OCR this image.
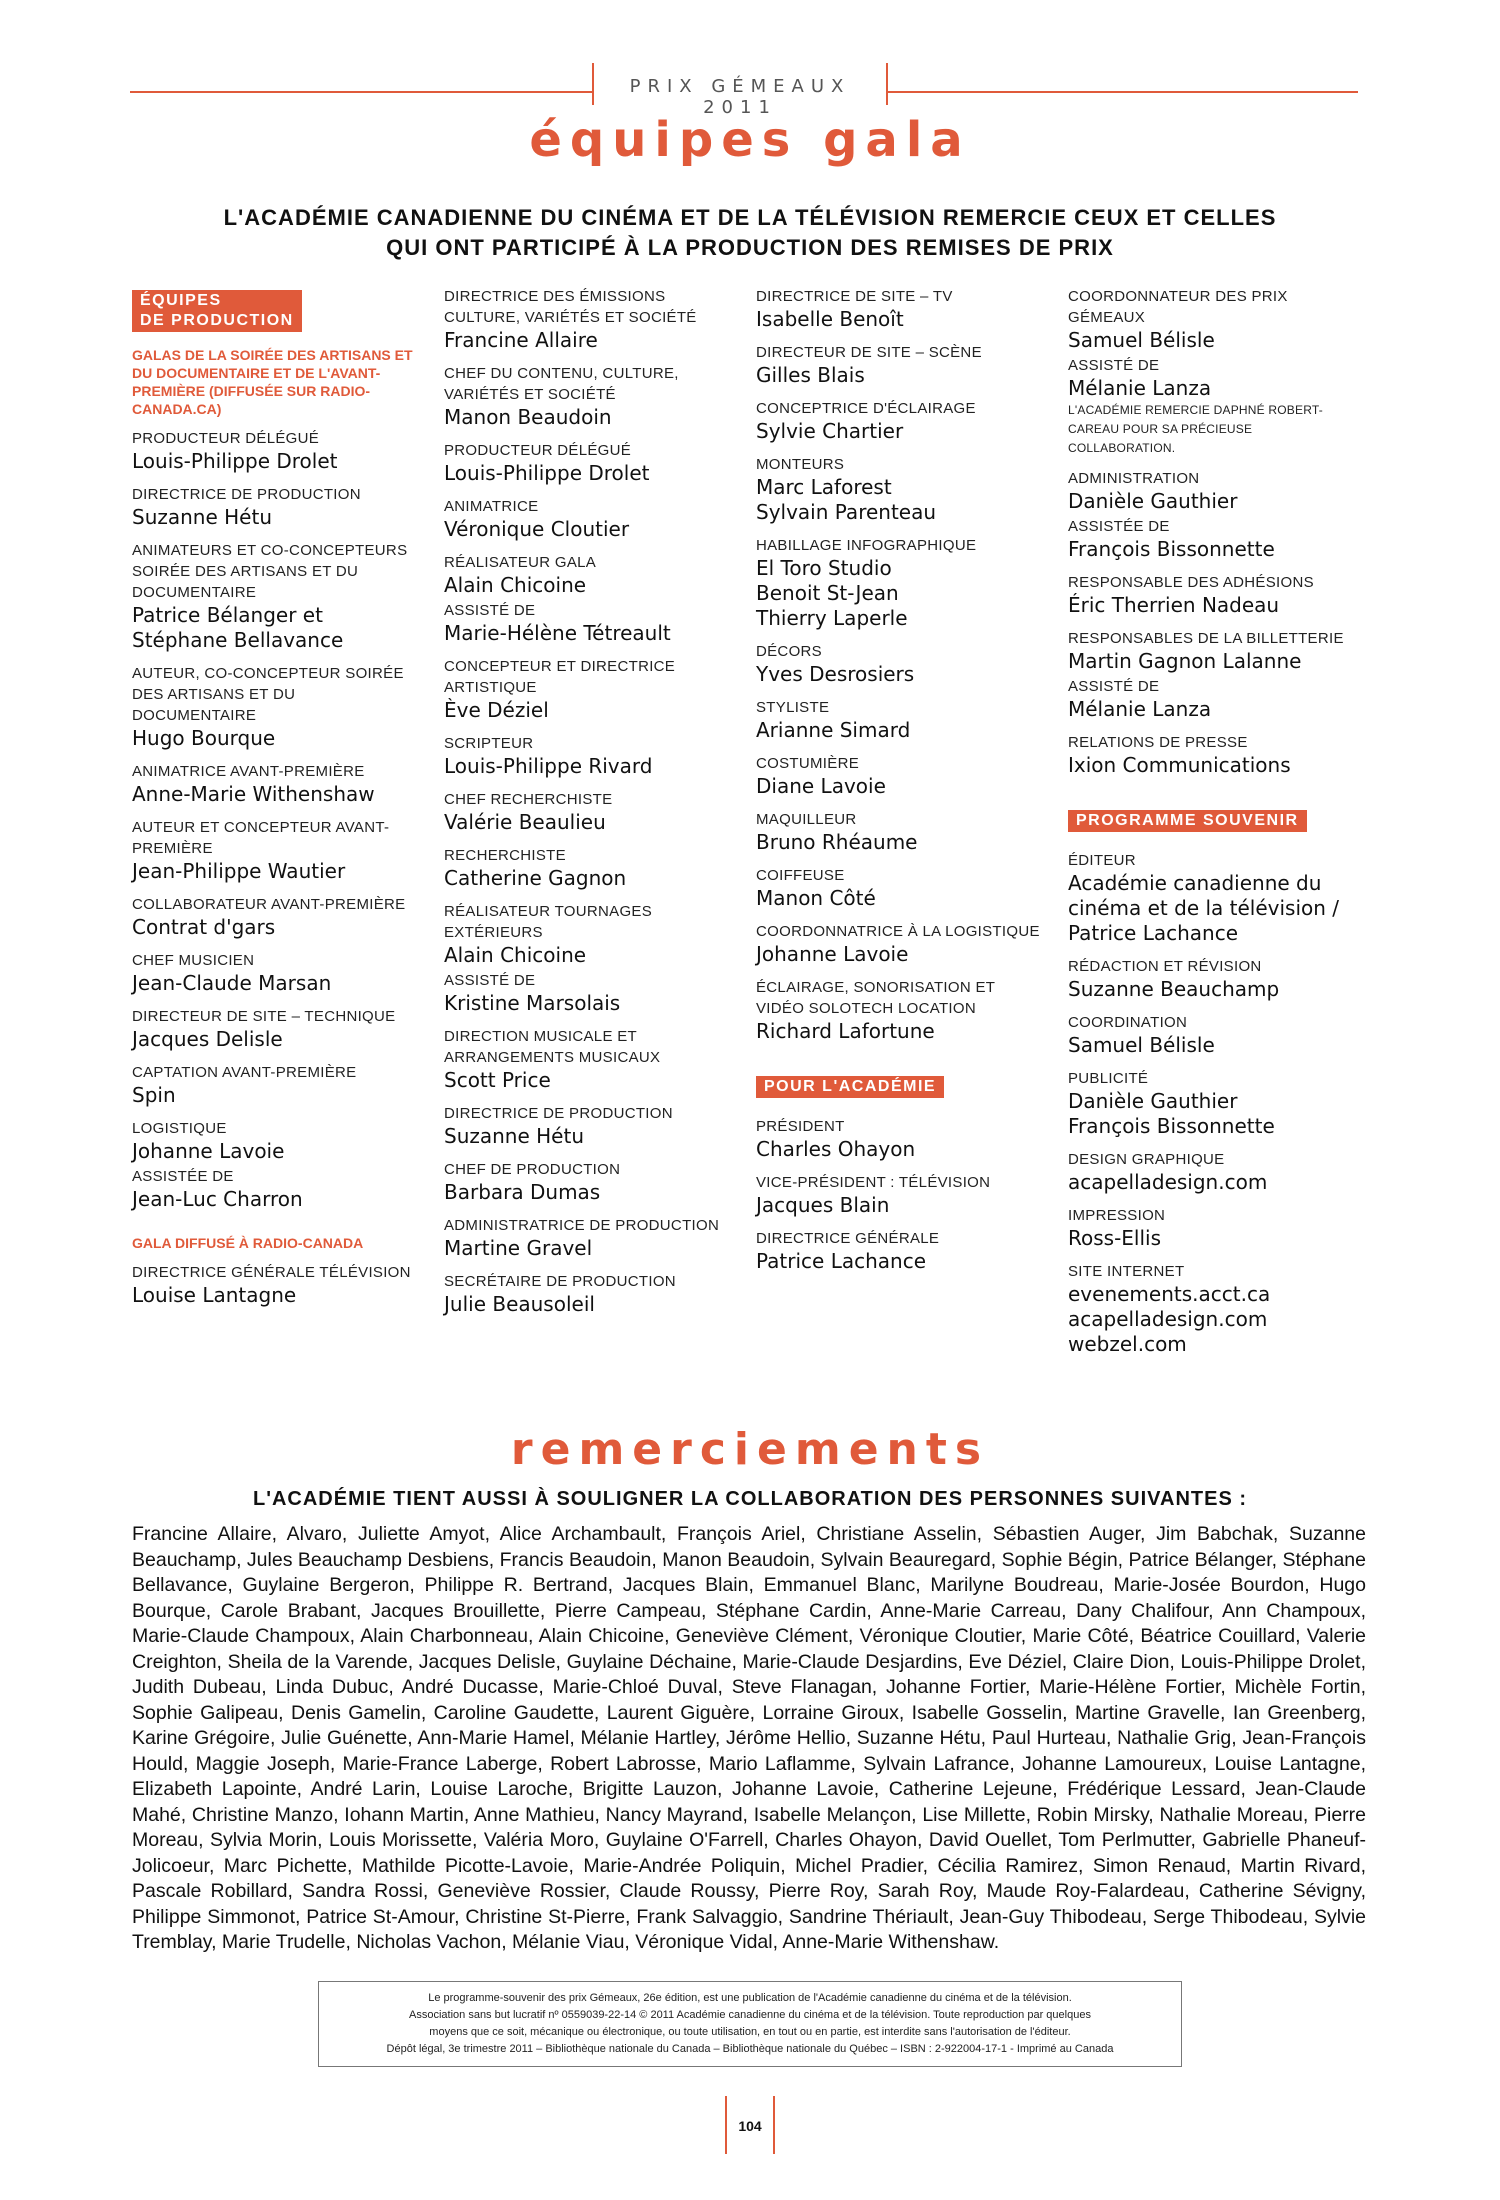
PRIX GÉMEAUX 2011
équipes gala
L'ACADÉMIE CANADIENNE DU CINÉMA ET DE LA TÉLÉVISION REMERCIE CEUX ET CELLES
QUI ONT PARTICIPÉ À LA PRODUCTION DES REMISES DE PRIX
ÉQUIPES
DE PRODUCTION
GALAS DE LA SOIRÉE DES ARTISANS ET DU DOCUMENTAIRE ET DE L'AVANT-PREMIÈRE (DIFFUSÉE SUR RADIO-CANADA.CA)
PRODUCTEUR DÉLÉGUÉ
Louis-Philippe Drolet
DIRECTRICE DE PRODUCTION
Suzanne Hétu
ANIMATEURS ET CO-CONCEPTEURS SOIRÉE DES ARTISANS ET DU DOCUMENTAIRE
Patrice Bélanger et Stéphane Bellavance
AUTEUR, CO-CONCEPTEUR SOIRÉE DES ARTISANS ET DU DOCUMENTAIRE
Hugo Bourque
ANIMATRICE AVANT-PREMIÈRE
Anne-Marie Withenshaw
AUTEUR ET CONCEPTEUR AVANT-PREMIÈRE
Jean-Philippe Wautier
COLLABORATEUR AVANT-PREMIÈRE
Contrat d'gars
CHEF MUSICIEN
Jean-Claude Marsan
DIRECTEUR DE SITE – TECHNIQUE
Jacques Delisle
CAPTATION AVANT-PREMIÈRE
Spin
LOGISTIQUE
Johanne Lavoie
ASSISTÉE DE
Jean-Luc Charron
GALA DIFFUSÉ À RADIO-CANADA
DIRECTRICE GÉNÉRALE TÉLÉVISION
Louise Lantagne
DIRECTRICE DES ÉMISSIONS CULTURE, VARIÉTÉS ET SOCIÉTÉ
Francine Allaire
CHEF DU CONTENU, CULTURE, VARIÉTÉS ET SOCIÉTÉ
Manon Beaudoin
PRODUCTEUR DÉLÉGUÉ
Louis-Philippe Drolet
ANIMATRICE
Véronique Cloutier
RÉALISATEUR GALA
Alain Chicoine
ASSISTÉ DE
Marie-Hélène Tétreault
CONCEPTEUR ET DIRECTRICE ARTISTIQUE
Ève Déziel
SCRIPTEUR
Louis-Philippe Rivard
CHEF RECHERCHISTE
Valérie Beaulieu
RECHERCHISTE
Catherine Gagnon
RÉALISATEUR TOURNAGES EXTÉRIEURS
Alain Chicoine
ASSISTÉ DE
Kristine Marsolais
DIRECTION MUSICALE ET ARRANGEMENTS MUSICAUX
Scott Price
DIRECTRICE DE PRODUCTION
Suzanne Hétu
CHEF DE PRODUCTION
Barbara Dumas
ADMINISTRATRICE DE PRODUCTION
Martine Gravel
SECRÉTAIRE DE PRODUCTION
Julie Beausoleil
DIRECTRICE DE SITE – TV
Isabelle Benoît
DIRECTEUR DE SITE – SCÈNE
Gilles Blais
CONCEPTRICE D'ÉCLAIRAGE
Sylvie Chartier
MONTEURS
Marc Laforest
Sylvain Parenteau
HABILLAGE INFOGRAPHIQUE
El Toro Studio
Benoit St-Jean
Thierry Laperle
DÉCORS
Yves Desrosiers
STYLISTE
Arianne Simard
COSTUMIÈRE
Diane Lavoie
MAQUILLEUR
Bruno Rhéaume
COIFFEUSE
Manon Côté
COORDONNATRICE À LA LOGISTIQUE
Johanne Lavoie
ÉCLAIRAGE, SONORISATION ET VIDÉO SOLOTECH LOCATION
Richard Lafortune
POUR L'ACADÉMIE
PRÉSIDENT
Charles Ohayon
VICE-PRÉSIDENT : TÉLÉVISION
Jacques Blain
DIRECTRICE GÉNÉRALE
Patrice Lachance
COORDONNATEUR DES PRIX GÉMEAUX
Samuel Bélisle
ASSISTÉ DE
Mélanie Lanza
L'ACADÉMIE REMERCIE DAPHNÉ ROBERT-CAREAU POUR SA PRÉCIEUSE COLLABORATION.
ADMINISTRATION
Danièle Gauthier
ASSISTÉE DE
François Bissonnette
RESPONSABLE DES ADHÉSIONS
Éric Therrien Nadeau
RESPONSABLES DE LA BILLETTERIE
Martin Gagnon Lalanne
ASSISTÉ DE
Mélanie Lanza
RELATIONS DE PRESSE
Ixion Communications
PROGRAMME SOUVENIR
ÉDITEUR
Académie canadienne du cinéma et de la télévision / Patrice Lachance
RÉDACTION ET RÉVISION
Suzanne Beauchamp
COORDINATION
Samuel Bélisle
PUBLICITÉ
Danièle Gauthier
François Bissonnette
DESIGN GRAPHIQUE
acapelladesign.com
IMPRESSION
Ross-Ellis
SITE INTERNET
evenements.acct.ca
acapelladesign.com
webzel.com
remerciements
L'ACADÉMIE TIENT AUSSI À SOULIGNER LA COLLABORATION DES PERSONNES SUIVANTES :
Francine Allaire, Alvaro, Juliette Amyot, Alice Archambault, François Ariel, Christiane Asselin, Sébastien Auger, Jim Babchak, Suzanne Beauchamp, Jules Beauchamp Desbiens, Francis Beaudoin, Manon Beaudoin, Sylvain Beauregard, Sophie Bégin, Patrice Bélanger, Stéphane Bellavance, Guylaine Bergeron, Philippe R. Bertrand, Jacques Blain, Emmanuel Blanc, Marilyne Boudreau, Marie-Josée Bourdon, Hugo Bourque, Carole Brabant, Jacques Brouillette, Pierre Campeau, Stéphane Cardin, Anne-Marie Carreau, Dany Chalifour, Ann Champoux, Marie-Claude Champoux, Alain Charbonneau, Alain Chicoine, Geneviève Clément, Véronique Cloutier, Marie Côté, Béatrice Couillard, Valerie Creighton, Sheila de la Varende, Jacques Delisle, Guylaine Déchaine, Marie-Claude Desjardins, Eve Déziel, Claire Dion, Louis-Philippe Drolet, Judith Dubeau, Linda Dubuc, André Ducasse, Marie-Chloé Duval, Steve Flanagan, Johanne Fortier, Marie-Hélène Fortier, Michèle Fortin, Sophie Galipeau, Denis Gamelin, Caroline Gaudette, Laurent Giguère, Lorraine Giroux, Isabelle Gosselin, Martine Gravelle, Ian Greenberg, Karine Grégoire, Julie Guénette, Ann-Marie Hamel, Mélanie Hartley, Jérôme Hellio, Suzanne Hétu, Paul Hurteau, Nathalie Grig, Jean-François Hould, Maggie Joseph, Marie-France Laberge, Robert Labrosse, Mario Laflamme, Sylvain Lafrance, Johanne Lamoureux, Louise Lantagne, Elizabeth Lapointe, André Larin, Louise Laroche, Brigitte Lauzon, Johanne Lavoie, Catherine Lejeune, Frédérique Lessard, Jean-Claude Mahé, Christine Manzo, Iohann Martin, Anne Mathieu, Nancy Mayrand, Isabelle Melançon, Lise Millette, Robin Mirsky, Nathalie Moreau, Pierre Moreau, Sylvia Morin, Louis Morissette, Valéria Moro, Guylaine O'Farrell, Charles Ohayon, David Ouellet, Tom Perlmutter, Gabrielle Phaneuf-Jolicoeur, Marc Pichette, Mathilde Picotte-Lavoie, Marie-Andrée Poliquin, Michel Pradier, Cécilia Ramirez, Simon Renaud, Martin Rivard, Pascale Robillard, Sandra Rossi, Geneviève Rossier, Claude Roussy, Pierre Roy, Sarah Roy, Maude Roy-Falardeau, Catherine Sévigny, Philippe Simmonot, Patrice St-Amour, Christine St-Pierre, Frank Salvaggio, Sandrine Thériault, Jean-Guy Thibodeau, Serge Thibodeau, Sylvie Tremblay, Marie Trudelle, Nicholas Vachon, Mélanie Viau, Véronique Vidal, Anne-Marie Withenshaw.
Le programme-souvenir des prix Gémeaux, 26e édition, est une publication de l'Académie canadienne du cinéma et de la télévision.
Association sans but lucratif nº 0559039-22-14 © 2011 Académie canadienne du cinéma et de la télévision. Toute reproduction par quelques
moyens que ce soit, mécanique ou électronique, ou toute utilisation, en tout ou en partie, est interdite sans l'autorisation de l'éditeur.
Dépôt légal, 3e trimestre 2011 – Bibliothèque nationale du Canada – Bibliothèque nationale du Québec – ISBN : 2-922004-17-1 - Imprimé au Canada
104
